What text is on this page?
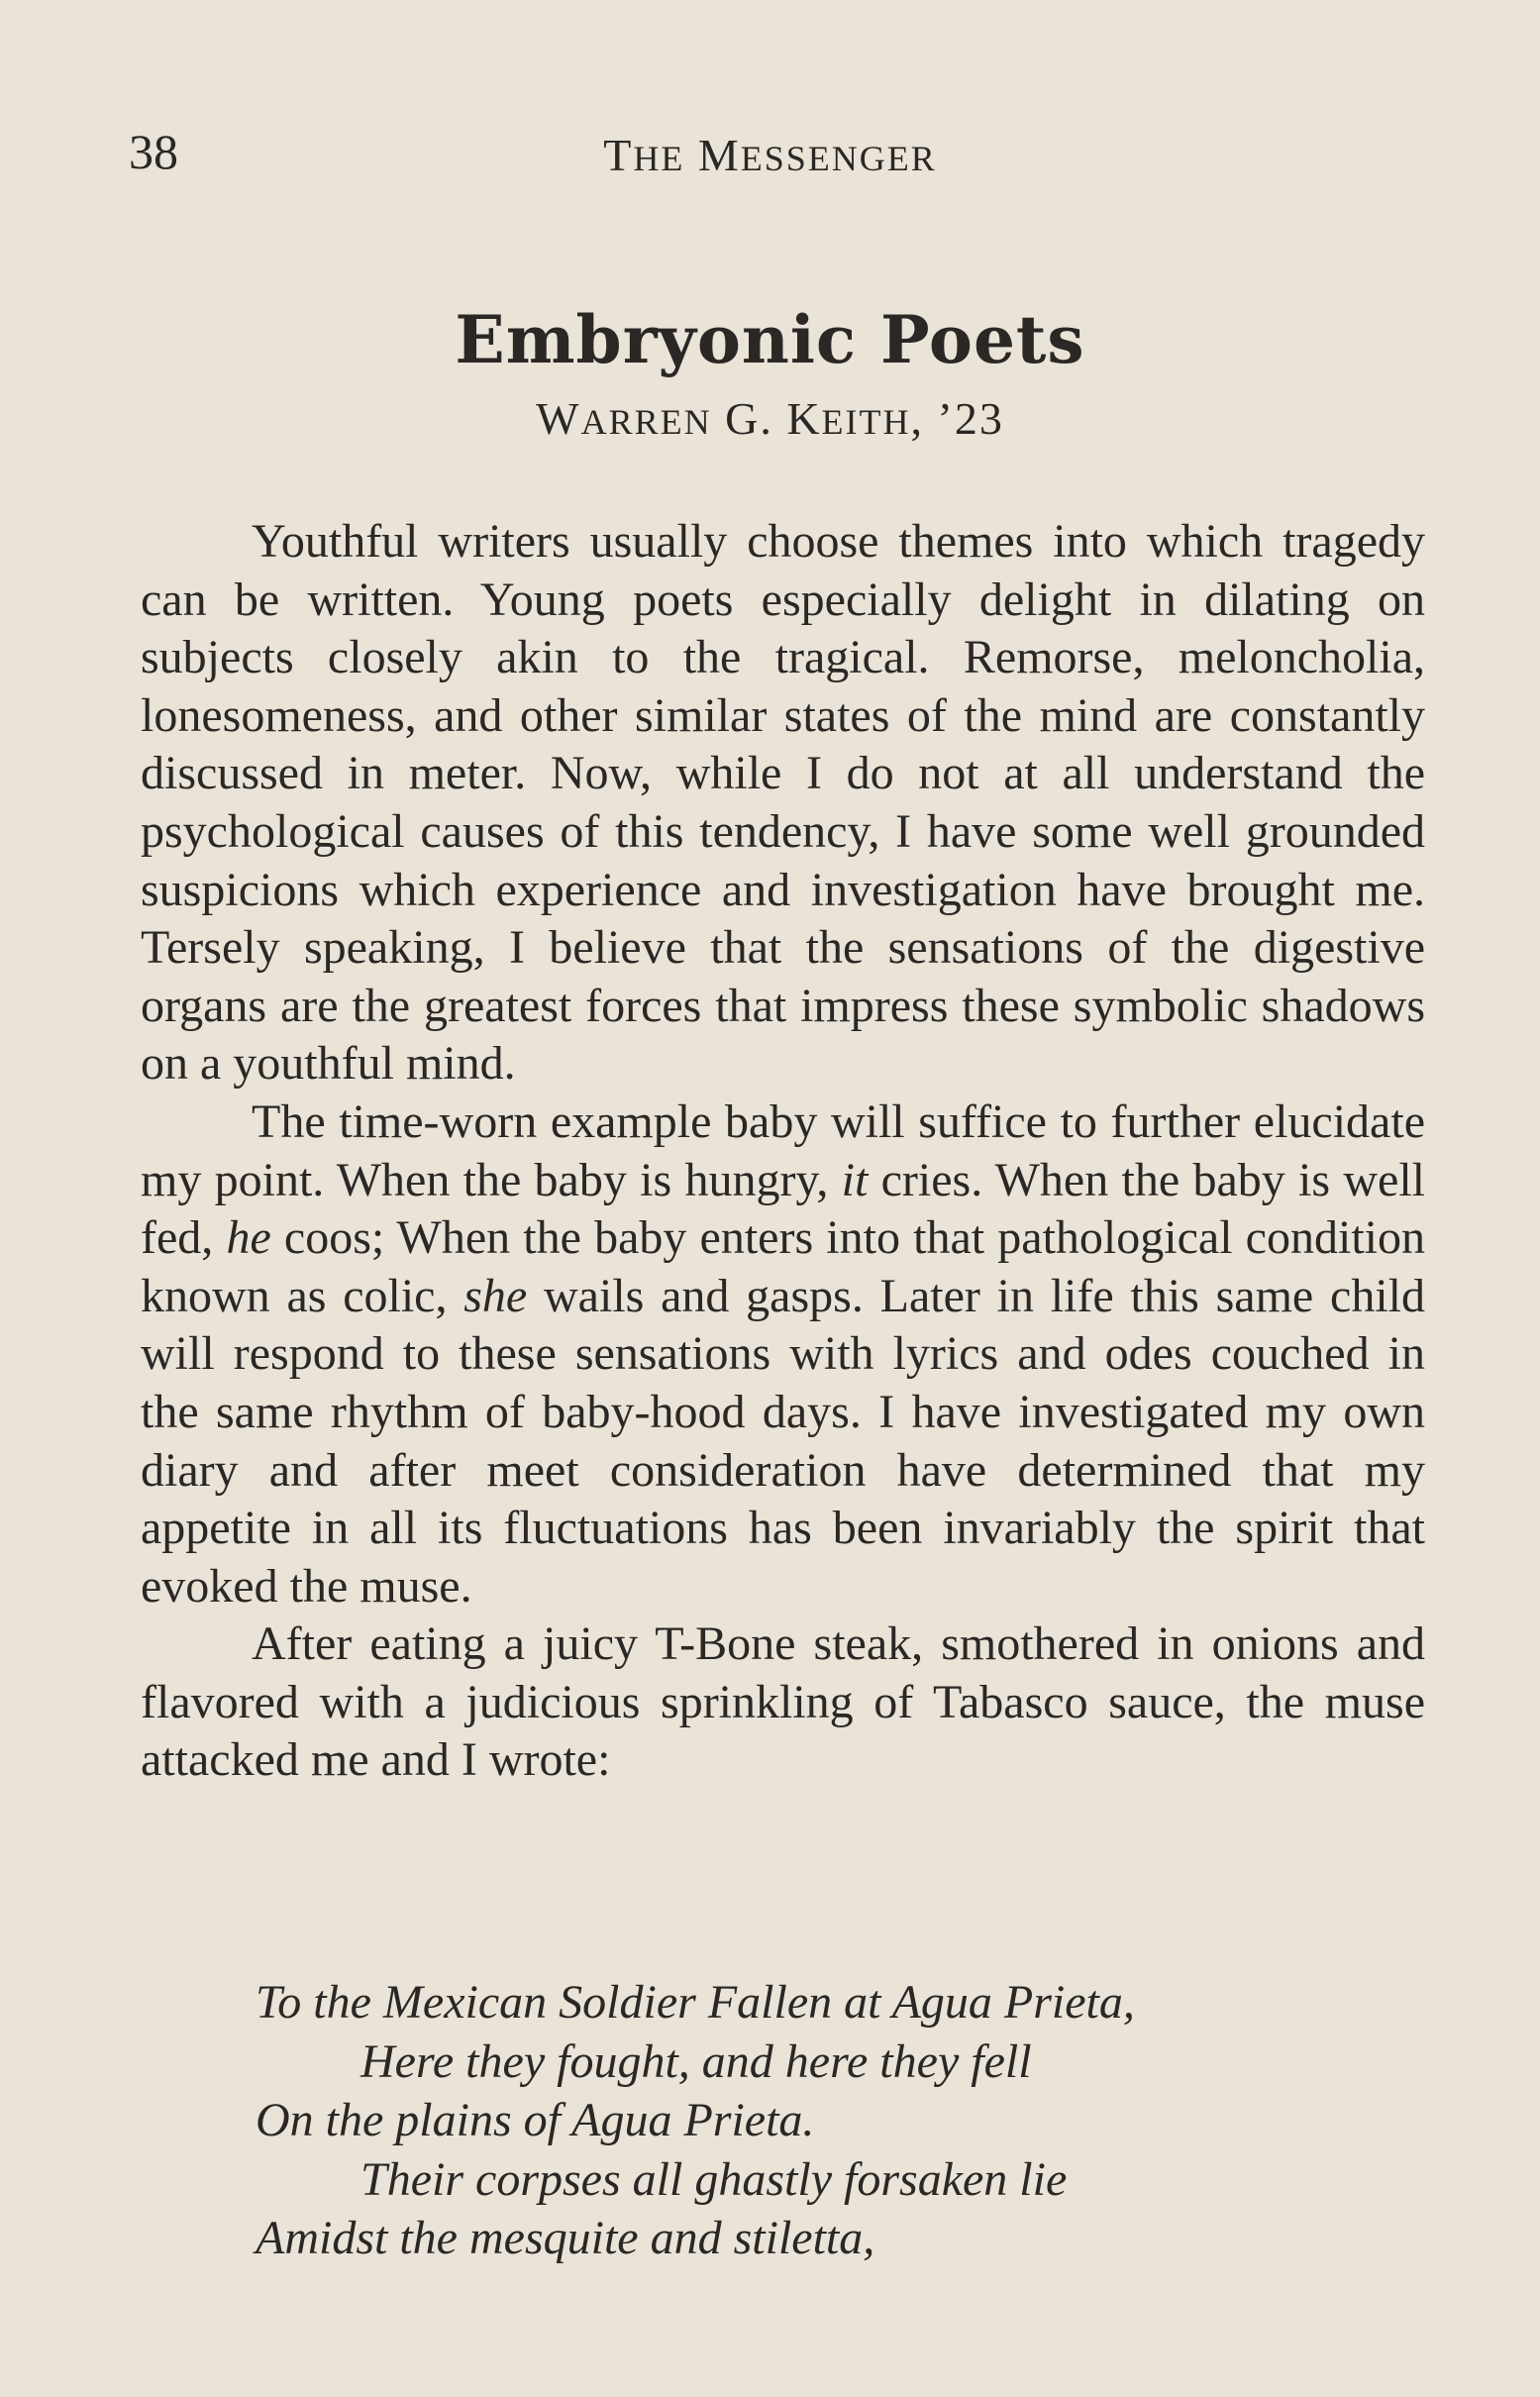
38	THE MESSENGER
Embryonic Poets
WARREN G. KEITH, ’23

Youthful writers usually choose themes into which tragedy can be written. Young poets especially delight in dilating on subjects closely akin to the tragical. Remorse, meloncholia, lonesomeness, and other similar states of the mind are constantly discussed in meter. Now, while I do not at all understand the psychological causes of this tendency, I have some well grounded suspicions which experience and investigation have brought me. Tersely speaking, I believe that the sensations of the digestive organs are the greatest forces that impress these symbolic shadows on a youthful mind.

The time-worn example baby will suffice to further elucidate my point. When the baby is hungry, it cries. When the baby is well fed, he coos; When the baby enters into that pathological condition known as colic, she wails and gasps. Later in life this same child will respond to these sensations with lyrics and odes couched in the same rhythm of baby-hood days. I have investigated my own diary and after meet consideration have determined that my appetite in all its fluctuations has been invariably the spirit that evoked the muse.

After eating a juicy T-Bone steak, smothered in onions and flavored with a judicious sprinkling of Tabasco sauce, the muse attacked me and I wrote:

To the Mexican Soldier Fallen at Agua Prieta,
Here they fought, and here they fell
On the plains of Agua Prieta.
Their corpses all ghastly forsaken lie
Amidst the mesquite and stiletta,
